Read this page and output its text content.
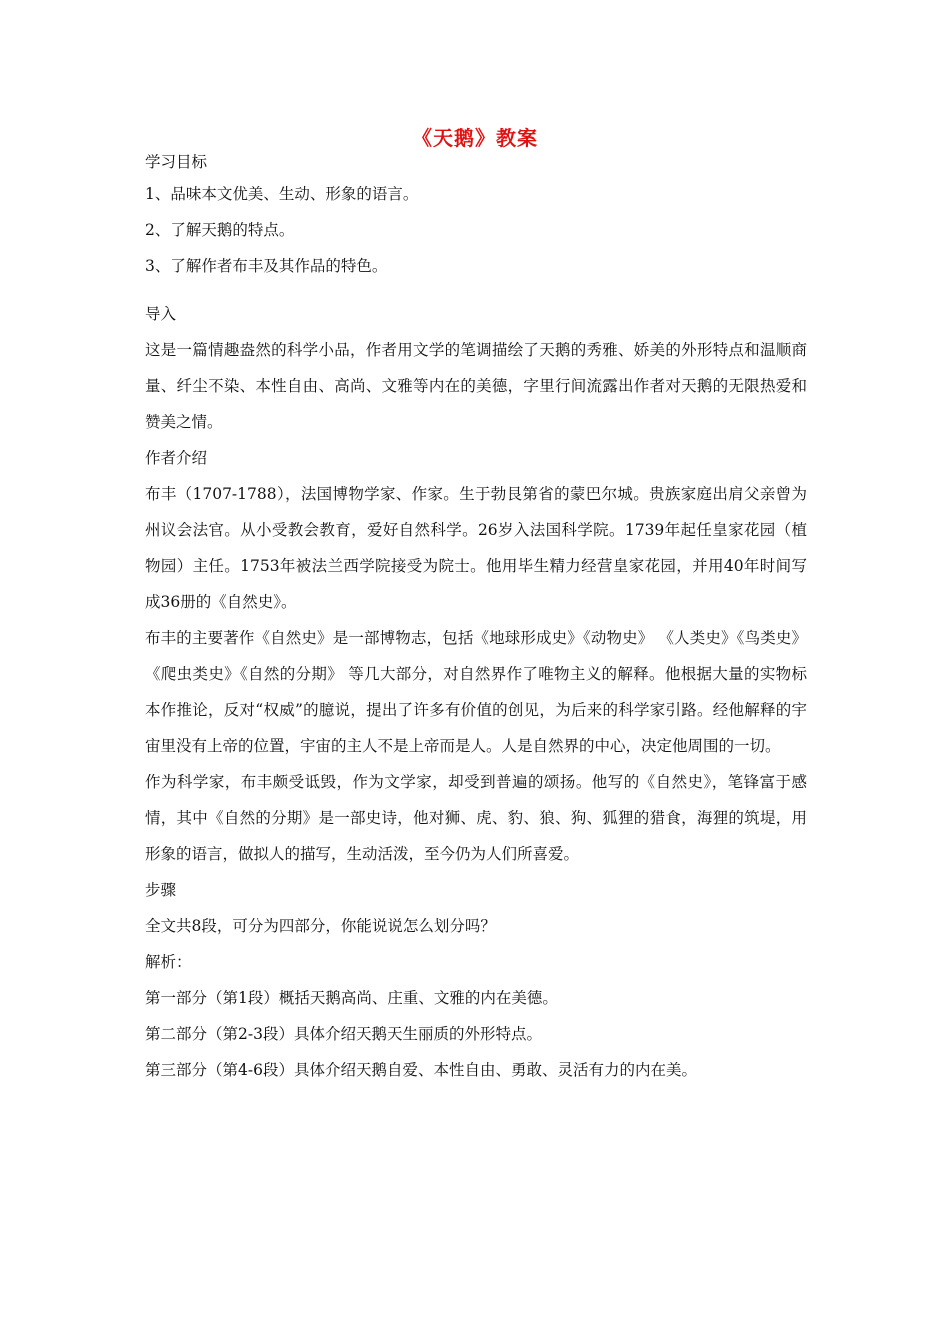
《天鹅》教案

学习目标

1、品味本文优美、生动、形象的语言。

2、了解天鹅的特点。

3、了解作者布丰及其作品的特色。

导入

这是一篇情趣盎然的科学小品，作者用文学的笔调描绘了天鹅的秀雅、娇美的外形特点和温顺商量、纤尘不染、本性自由、高尚、文雅等内在的美德，字里行间流露出作者对天鹅的无限热爱和赞美之情。

作者介绍

布丰（1707-1788），法国博物学家、作家。生于勃艮第省的蒙巴尔城。贵族家庭出肩父亲曾为州议会法官。从小受教会教育，爱好自然科学。26岁入法国科学院。1739年起任皇家花园（植物园）主任。1753年被法兰西学院接受为院士。他用毕生精力经营皇家花园，并用40年时间写成36册的《自然史》。

布丰的主要著作《自然史》是一部博物志，包括《地球形成史》《动物史》 《人类史》《鸟类史》《爬虫类史》《自然的分期》 等几大部分，对自然界作了唯物主义的解释。他根据大量的实物标本作推论，反对“权威”的臆说，提出了许多有价值的创见，为后来的科学家引路。经他解释的宇宙里没有上帝的位置，宇宙的主人不是上帝而是人。人是自然界的中心，决定他周围的一切。

作为科学家，布丰颇受诋毁，作为文学家，却受到普遍的颂扬。他写的《自然史》，笔锋富于感情，其中《自然的分期》是一部史诗，他对狮、虎、豹、狼、狗、狐狸的猎食，海狸的筑堤，用形象的语言，做拟人的描写，生动活泼，至今仍为人们所喜爱。

步骤

全文共8段，可分为四部分，你能说说怎么划分吗？

解析：

第一部分（第1段）概括天鹅高尚、庄重、文雅的内在美德。

第二部分（第2-3段）具体介绍天鹅天生丽质的外形特点。

第三部分（第4-6段）具体介绍天鹅自爱、本性自由、勇敢、灵活有力的内在美。
